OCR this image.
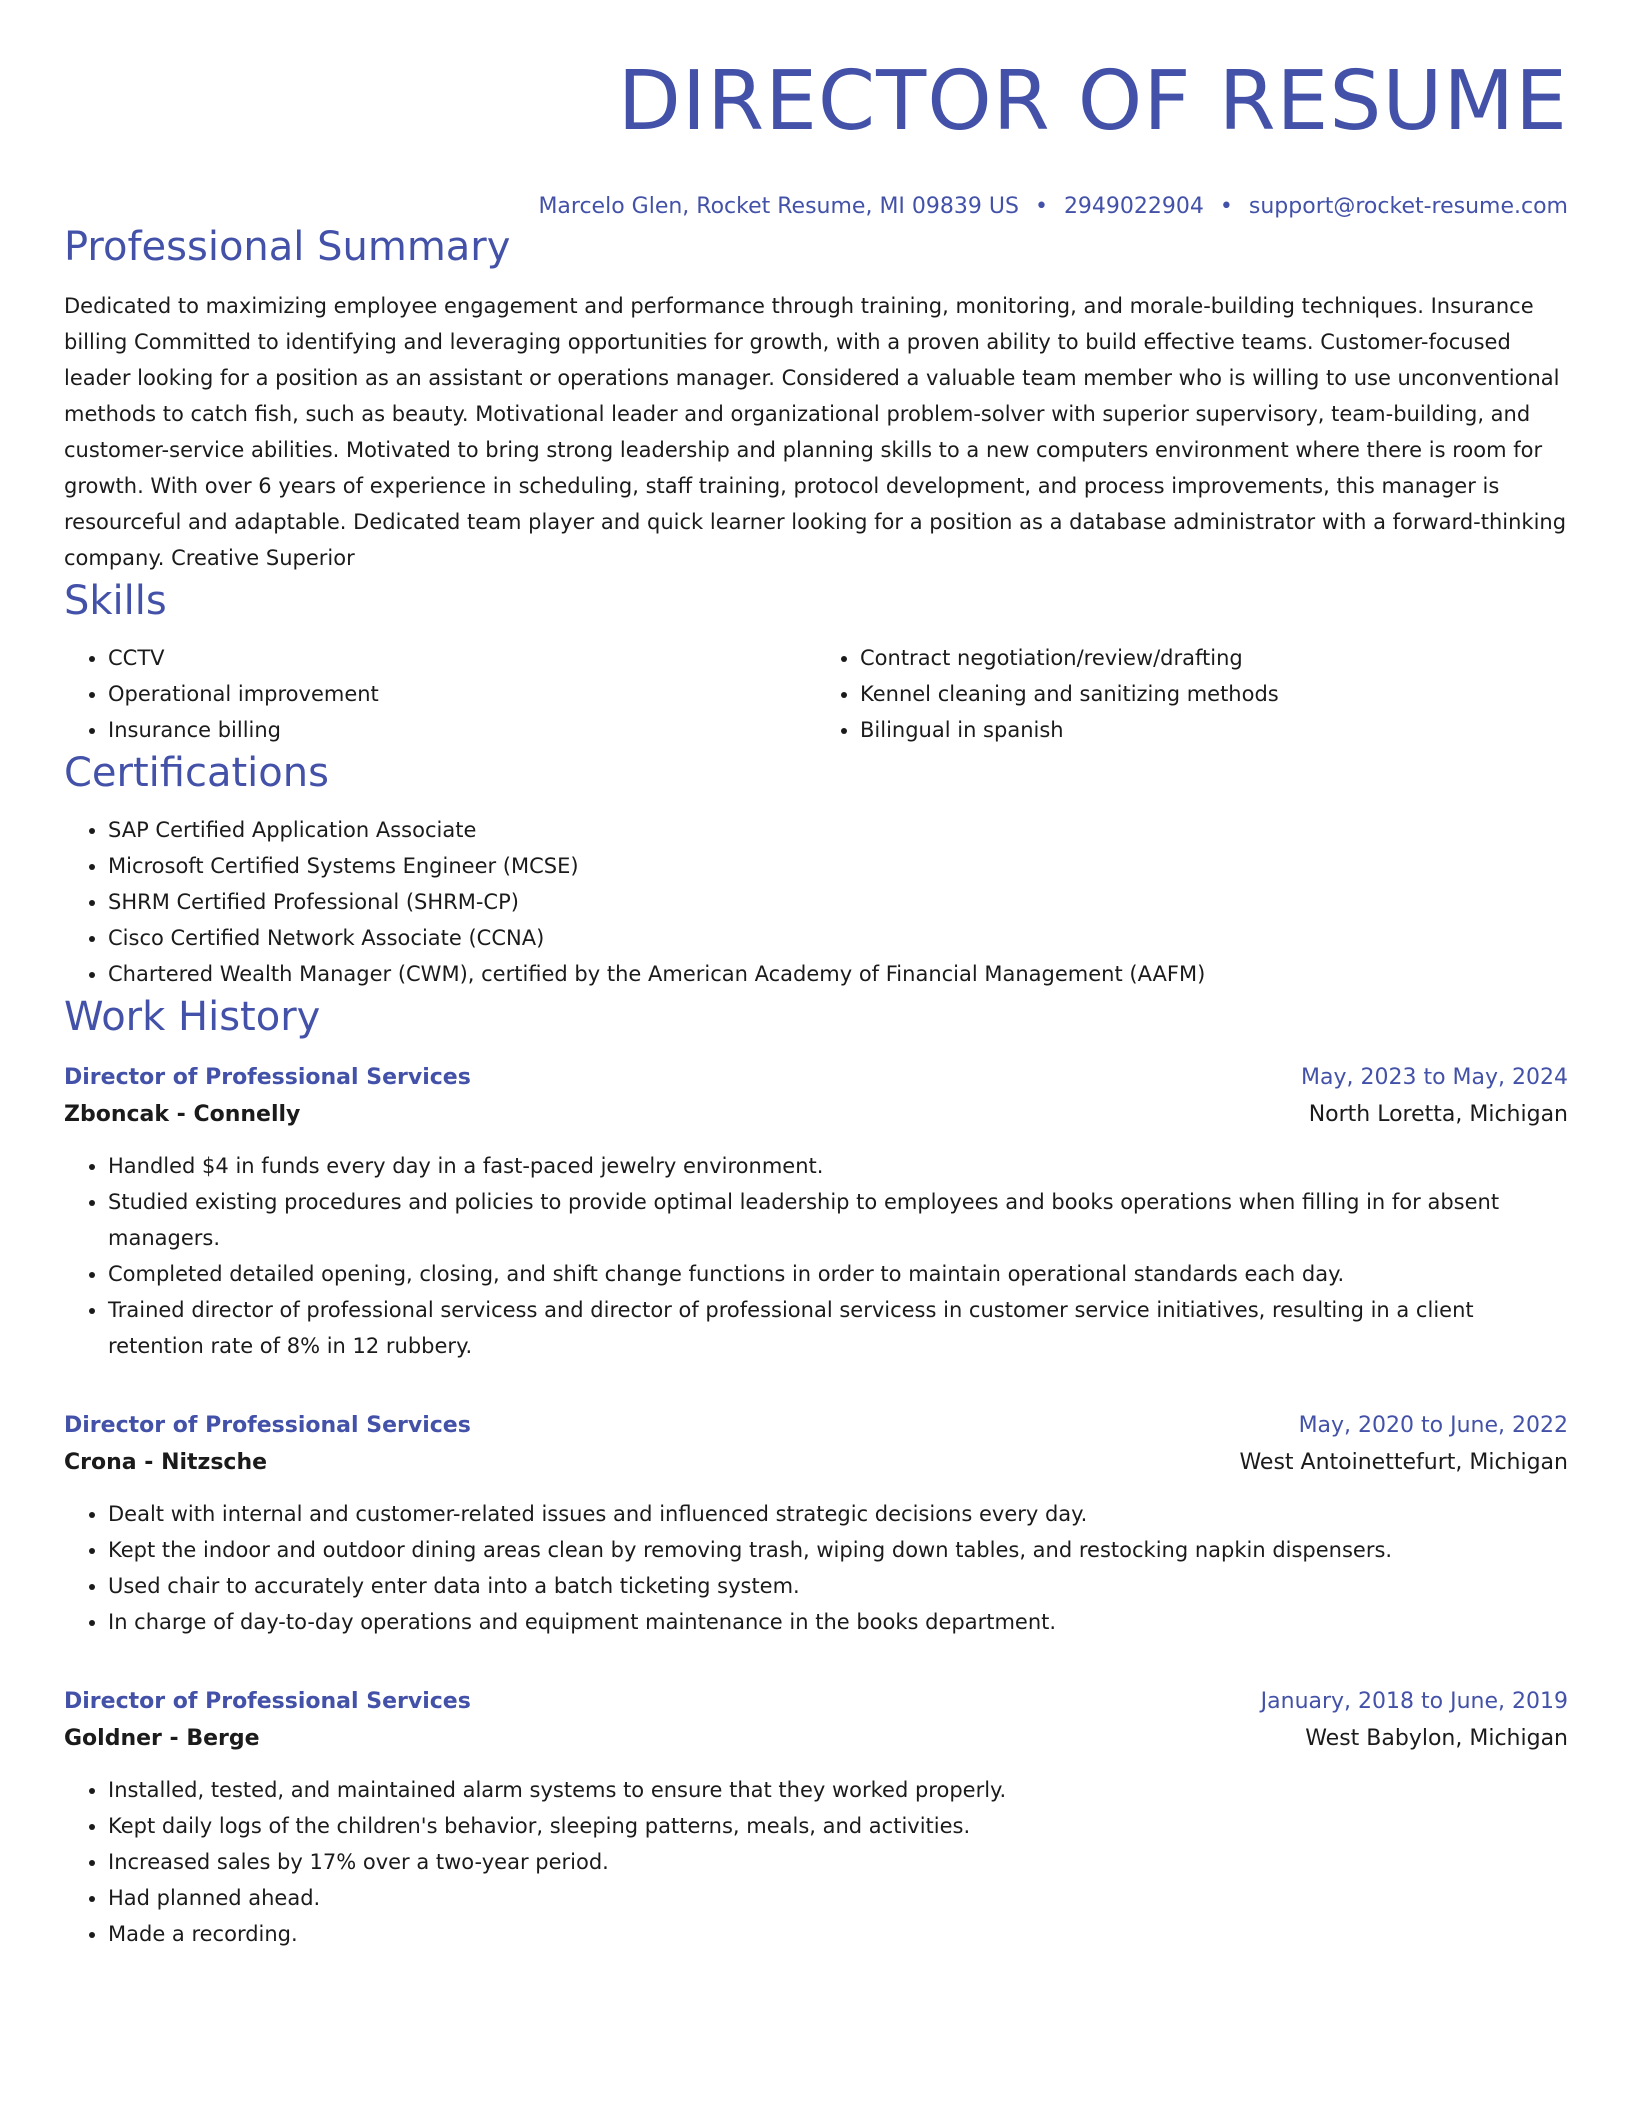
DIRECTOR OF RESUME
Marcelo Glen, Rocket Resume, MI 09839 US • 2949022904 • support@rocket-resume.com
Professional Summary
Dedicated to maximizing employee engagement and performance through training, monitoring, and morale-building techniques. Insurance billing Committed to identifying and leveraging opportunities for growth, with a proven ability to build effective teams. Customer-focused leader looking for a position as an assistant or operations manager. Considered a valuable team member who is willing to use unconventional methods to catch fish, such as beauty. Motivational leader and organizational problem-solver with superior supervisory, team-building, and customer-service abilities. Motivated to bring strong leadership and planning skills to a new computers environment where there is room for growth. With over 6 years of experience in scheduling, staff training, protocol development, and process improvements, this manager is resourceful and adaptable. Dedicated team player and quick learner looking for a position as a database administrator with a forward-thinking company. Creative Superior
Skills
• CCTV
• Operational improvement
• Insurance billing
• Contract negotiation/review/drafting
• Kennel cleaning and sanitizing methods
• Bilingual in spanish
Certifications
• SAP Certified Application Associate
• Microsoft Certified Systems Engineer (MCSE)
• SHRM Certified Professional (SHRM-CP)
• Cisco Certified Network Associate (CCNA)
• Chartered Wealth Manager (CWM), certified by the American Academy of Financial Management (AAFM)
Work History
Director of Professional Services	May, 2023 to May, 2024
Zboncak - Connelly	North Loretta, Michigan
• Handled $4 in funds every day in a fast-paced jewelry environment.
• Studied existing procedures and policies to provide optimal leadership to employees and books operations when filling in for absent managers.
• Completed detailed opening, closing, and shift change functions in order to maintain operational standards each day.
• Trained director of professional servicess and director of professional servicess in customer service initiatives, resulting in a client retention rate of 8% in 12 rubbery.
Director of Professional Services	May, 2020 to June, 2022
Crona - Nitzsche	West Antoinettefurt, Michigan
• Dealt with internal and customer-related issues and influenced strategic decisions every day.
• Kept the indoor and outdoor dining areas clean by removing trash, wiping down tables, and restocking napkin dispensers.
• Used chair to accurately enter data into a batch ticketing system.
• In charge of day-to-day operations and equipment maintenance in the books department.
Director of Professional Services	January, 2018 to June, 2019
Goldner - Berge	West Babylon, Michigan
• Installed, tested, and maintained alarm systems to ensure that they worked properly.
• Kept daily logs of the children's behavior, sleeping patterns, meals, and activities.
• Increased sales by 17% over a two-year period.
• Had planned ahead.
• Made a recording.
